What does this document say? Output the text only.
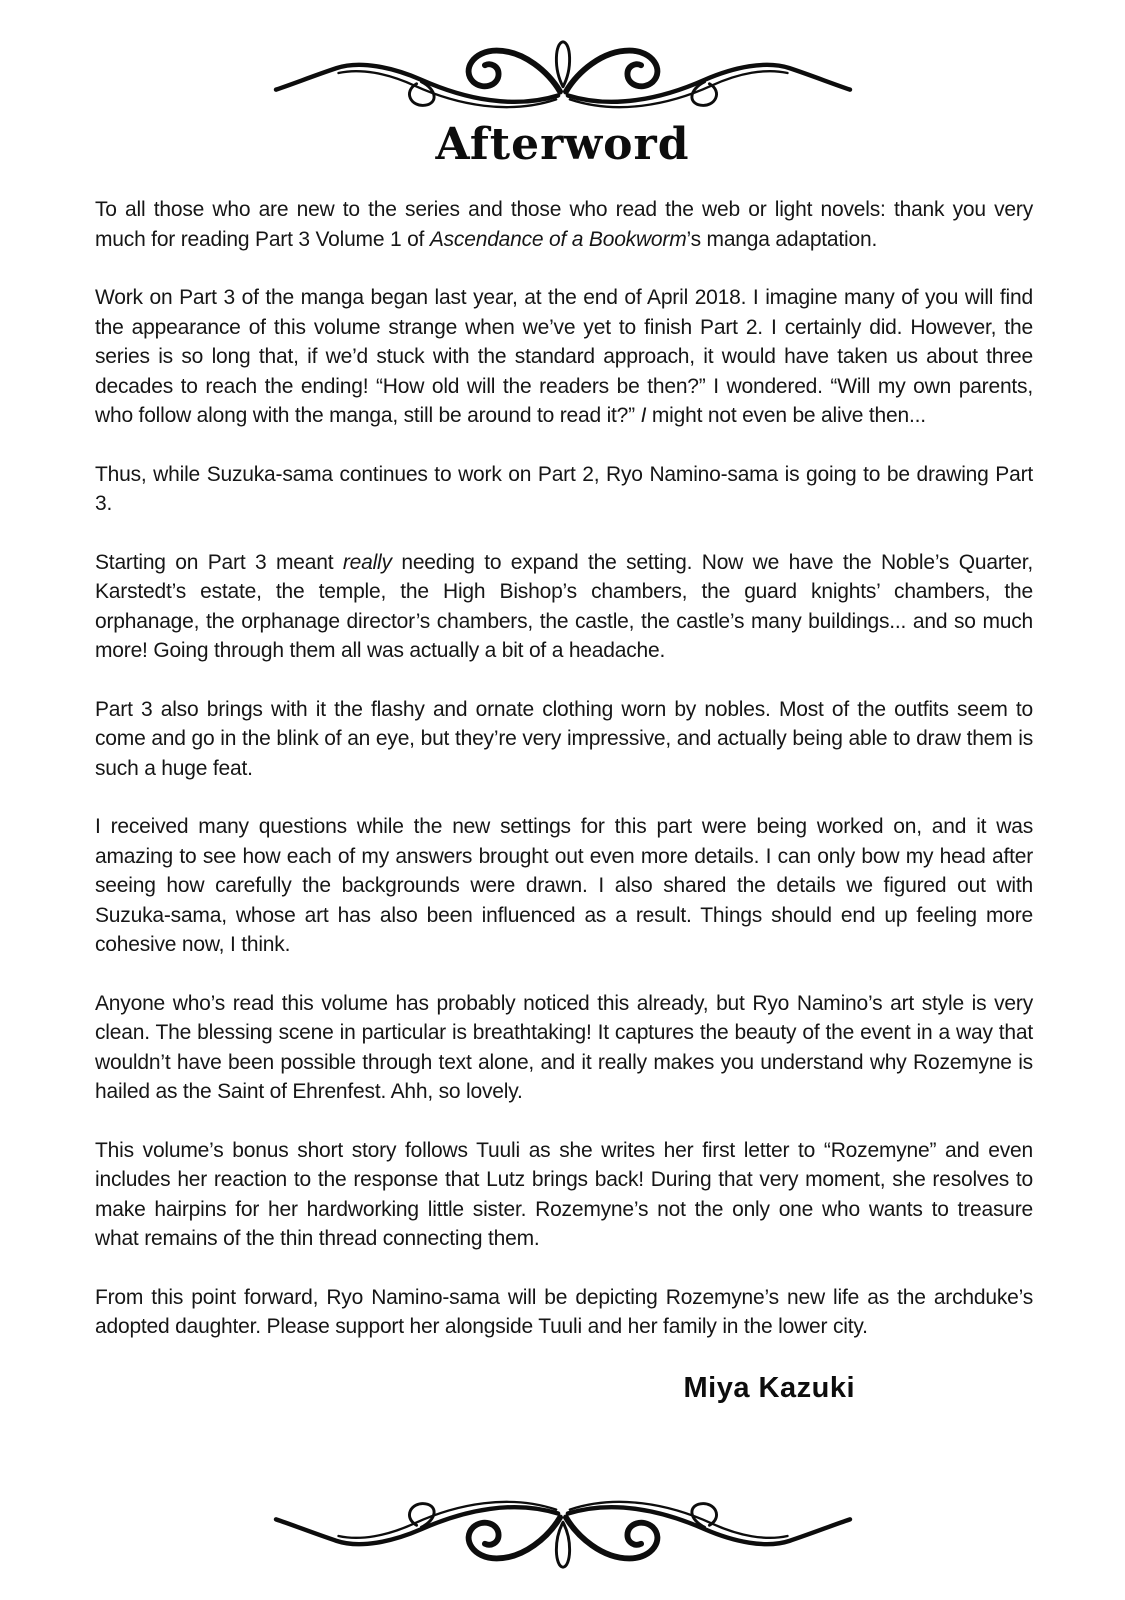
Afterword

To all those who are new to the series and those who read the web or light novels: thank you very much for reading Part 3 Volume 1 of Ascendance of a Bookworm’s manga adaptation.

Work on Part 3 of the manga began last year, at the end of April 2018. I imagine many of you will find the appearance of this volume strange when we’ve yet to finish Part 2. I certainly did. However, the series is so long that, if we’d stuck with the standard approach, it would have taken us about three decades to reach the ending! “How old will the readers be then?” I wondered. “Will my own parents, who follow along with the manga, still be around to read it?” I might not even be alive then...

Thus, while Suzuka-sama continues to work on Part 2, Ryo Namino-sama is going to be drawing Part 3.

Starting on Part 3 meant really needing to expand the setting. Now we have the Noble’s Quarter, Karstedt’s estate, the temple, the High Bishop’s chambers, the guard knights’ chambers, the orphanage, the orphanage director’s chambers, the castle, the castle’s many buildings... and so much more! Going through them all was actually a bit of a headache.

Part 3 also brings with it the flashy and ornate clothing worn by nobles. Most of the outfits seem to come and go in the blink of an eye, but they’re very impressive, and actually being able to draw them is such a huge feat.

I received many questions while the new settings for this part were being worked on, and it was amazing to see how each of my answers brought out even more details. I can only bow my head after seeing how carefully the backgrounds were drawn. I also shared the details we figured out with Suzuka-sama, whose art has also been influenced as a result. Things should end up feeling more cohesive now, I think.

Anyone who’s read this volume has probably noticed this already, but Ryo Namino’s art style is very clean. The blessing scene in particular is breathtaking! It captures the beauty of the event in a way that wouldn’t have been possible through text alone, and it really makes you understand why Rozemyne is hailed as the Saint of Ehrenfest. Ahh, so lovely.

This volume’s bonus short story follows Tuuli as she writes her first letter to “Rozemyne” and even includes her reaction to the response that Lutz brings back! During that very moment, she resolves to make hairpins for her hardworking little sister. Rozemyne’s not the only one who wants to treasure what remains of the thin thread connecting them.

From this point forward, Ryo Namino-sama will be depicting Rozemyne’s new life as the archduke’s adopted daughter. Please support her alongside Tuuli and her family in the lower city.

Miya Kazuki
